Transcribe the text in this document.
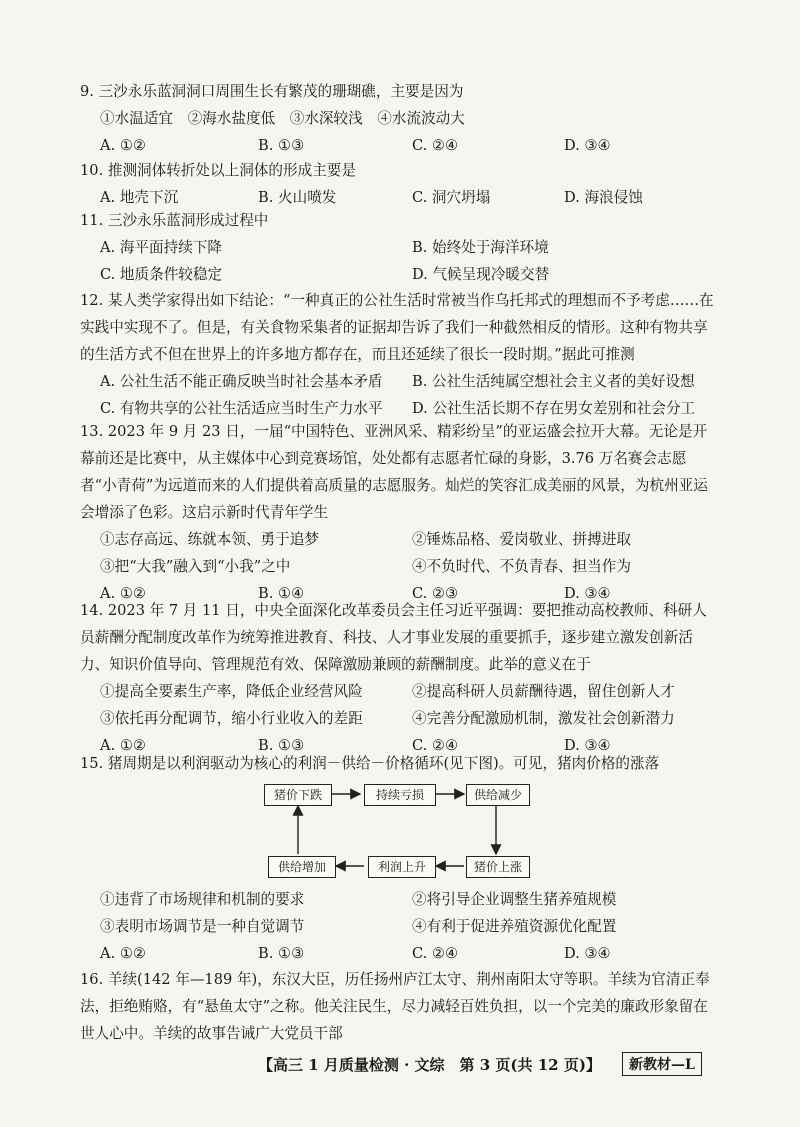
9. 三沙永乐蓝洞洞口周围生长有繁茂的珊瑚礁，主要是因为
①水温适宜　②海水盐度低　③水深较浅　④水流波动大
A. ①②	B. ①③	C. ②④	D. ③④
10. 推测洞体转折处以上洞体的形成主要是
A. 地壳下沉	B. 火山喷发	C. 洞穴坍塌	D. 海浪侵蚀
11. 三沙永乐蓝洞形成过程中
A. 海平面持续下降	B. 始终处于海洋环境
C. 地质条件较稳定	D. 气候呈现冷暖交替
12. 某人类学家得出如下结论：“一种真正的公社生活时常被当作乌托邦式的理想而不予考虑……在实践中实现不了。但是，有关食物采集者的证据却告诉了我们一种截然相反的情形。这种有物共享的生活方式不但在世界上的许多地方都存在，而且还延续了很长一段时期。”据此可推测
A. 公社生活不能正确反映当时社会基本矛盾 B. 公社生活纯属空想社会主义者的美好设想
C. 有物共享的公社生活适应当时生产力水平 D. 公社生活长期不存在男女差别和社会分工
13. 2023 年 9 月 23 日，一届“中国特色、亚洲风采、精彩纷呈”的亚运盛会拉开大幕。无论是开幕前还是比赛中，从主媒体中心到竞赛场馆，处处都有志愿者忙碌的身影，3.76 万名赛会志愿者“小青荷”为远道而来的人们提供着高质量的志愿服务。灿烂的笑容汇成美丽的风景，为杭州亚运会增添了色彩。这启示新时代青年学生
①志存高远、练就本领、勇于追梦	②锤炼品格、爱岗敬业、拼搏进取
③把“大我”融入到“小我”之中	④不负时代、不负青春、担当作为
A. ①②	B. ①④	C. ②③	D. ③④
14. 2023 年 7 月 11 日，中央全面深化改革委员会主任习近平强调：要把推动高校教师、科研人员薪酬分配制度改革作为统筹推进教育、科技、人才事业发展的重要抓手，逐步建立激发创新活力、知识价值导向、管理规范有效、保障激励兼顾的薪酬制度。此举的意义在于
①提高全要素生产率，降低企业经营风险	②提高科研人员薪酬待遇，留住创新人才
③依托再分配调节，缩小行业收入的差距	④完善分配激励机制，激发社会创新潜力
A. ①②	B. ①③	C. ②④	D. ③④
15. 猪周期是以利润驱动为核心的利润－供给－价格循环(见下图)。可见，猪肉价格的涨落
猪价下跌	持续亏损	供给减少
猪价上涨
利润上升
供给增加
①违背了市场规律和机制的要求	②将引导企业调整生猪养殖规模
③表明市场调节是一种自觉调节	④有利于促进养殖资源优化配置
A. ①②	B. ①③	C. ②④	D. ③④
16. 羊续(142 年—189 年)，东汉大臣，历任扬州庐江太守、荆州南阳太守等职。羊续为官清正奉法，拒绝贿赂，有“悬鱼太守”之称。他关注民生，尽力减轻百姓负担，以一个完美的廉政形象留在世人心中。羊续的故事告诫广大党员干部
【高三 1 月质量检测 · 文综　第 3 页(共 12 页)】	新教材—L
